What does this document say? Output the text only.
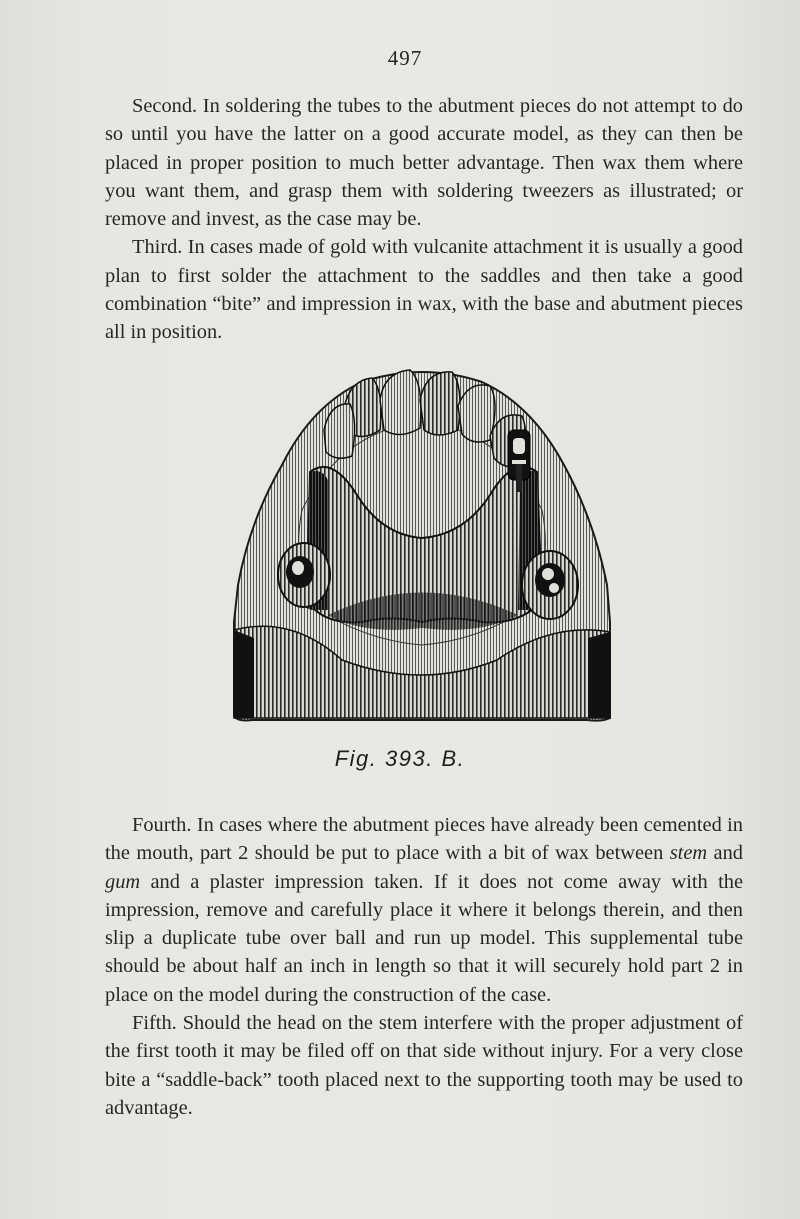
497

Second. In soldering the tubes to the abutment pieces do not attempt to do so until you have the latter on a good accurate model, as they can then be placed in proper position to much better advantage. Then wax them where you want them, and grasp them with soldering tweezers as illustrated; or remove and invest, as the case may be.

Third. In cases made of gold with vulcanite attachment it is usually a good plan to first solder the attachment to the saddles and then take a good combination “bite” and impression in wax, with the base and abutment pieces all in position.

Fig. 393. B.

Fourth. In cases where the abutment pieces have already been cemented in the mouth, part 2 should be put to place with a bit of wax between stem and gum and a plaster impression taken. If it does not come away with the impression, remove and carefully place it where it belongs therein, and then slip a duplicate tube over ball and run up model. This supplemental tube should be about half an inch in length so that it will securely hold part 2 in place on the model during the construction of the case.

Fifth. Should the head on the stem interfere with the proper adjustment of the first tooth it may be filed off on that side without injury. For a very close bite a “saddle-back” tooth placed next to the supporting tooth may be used to advantage.
